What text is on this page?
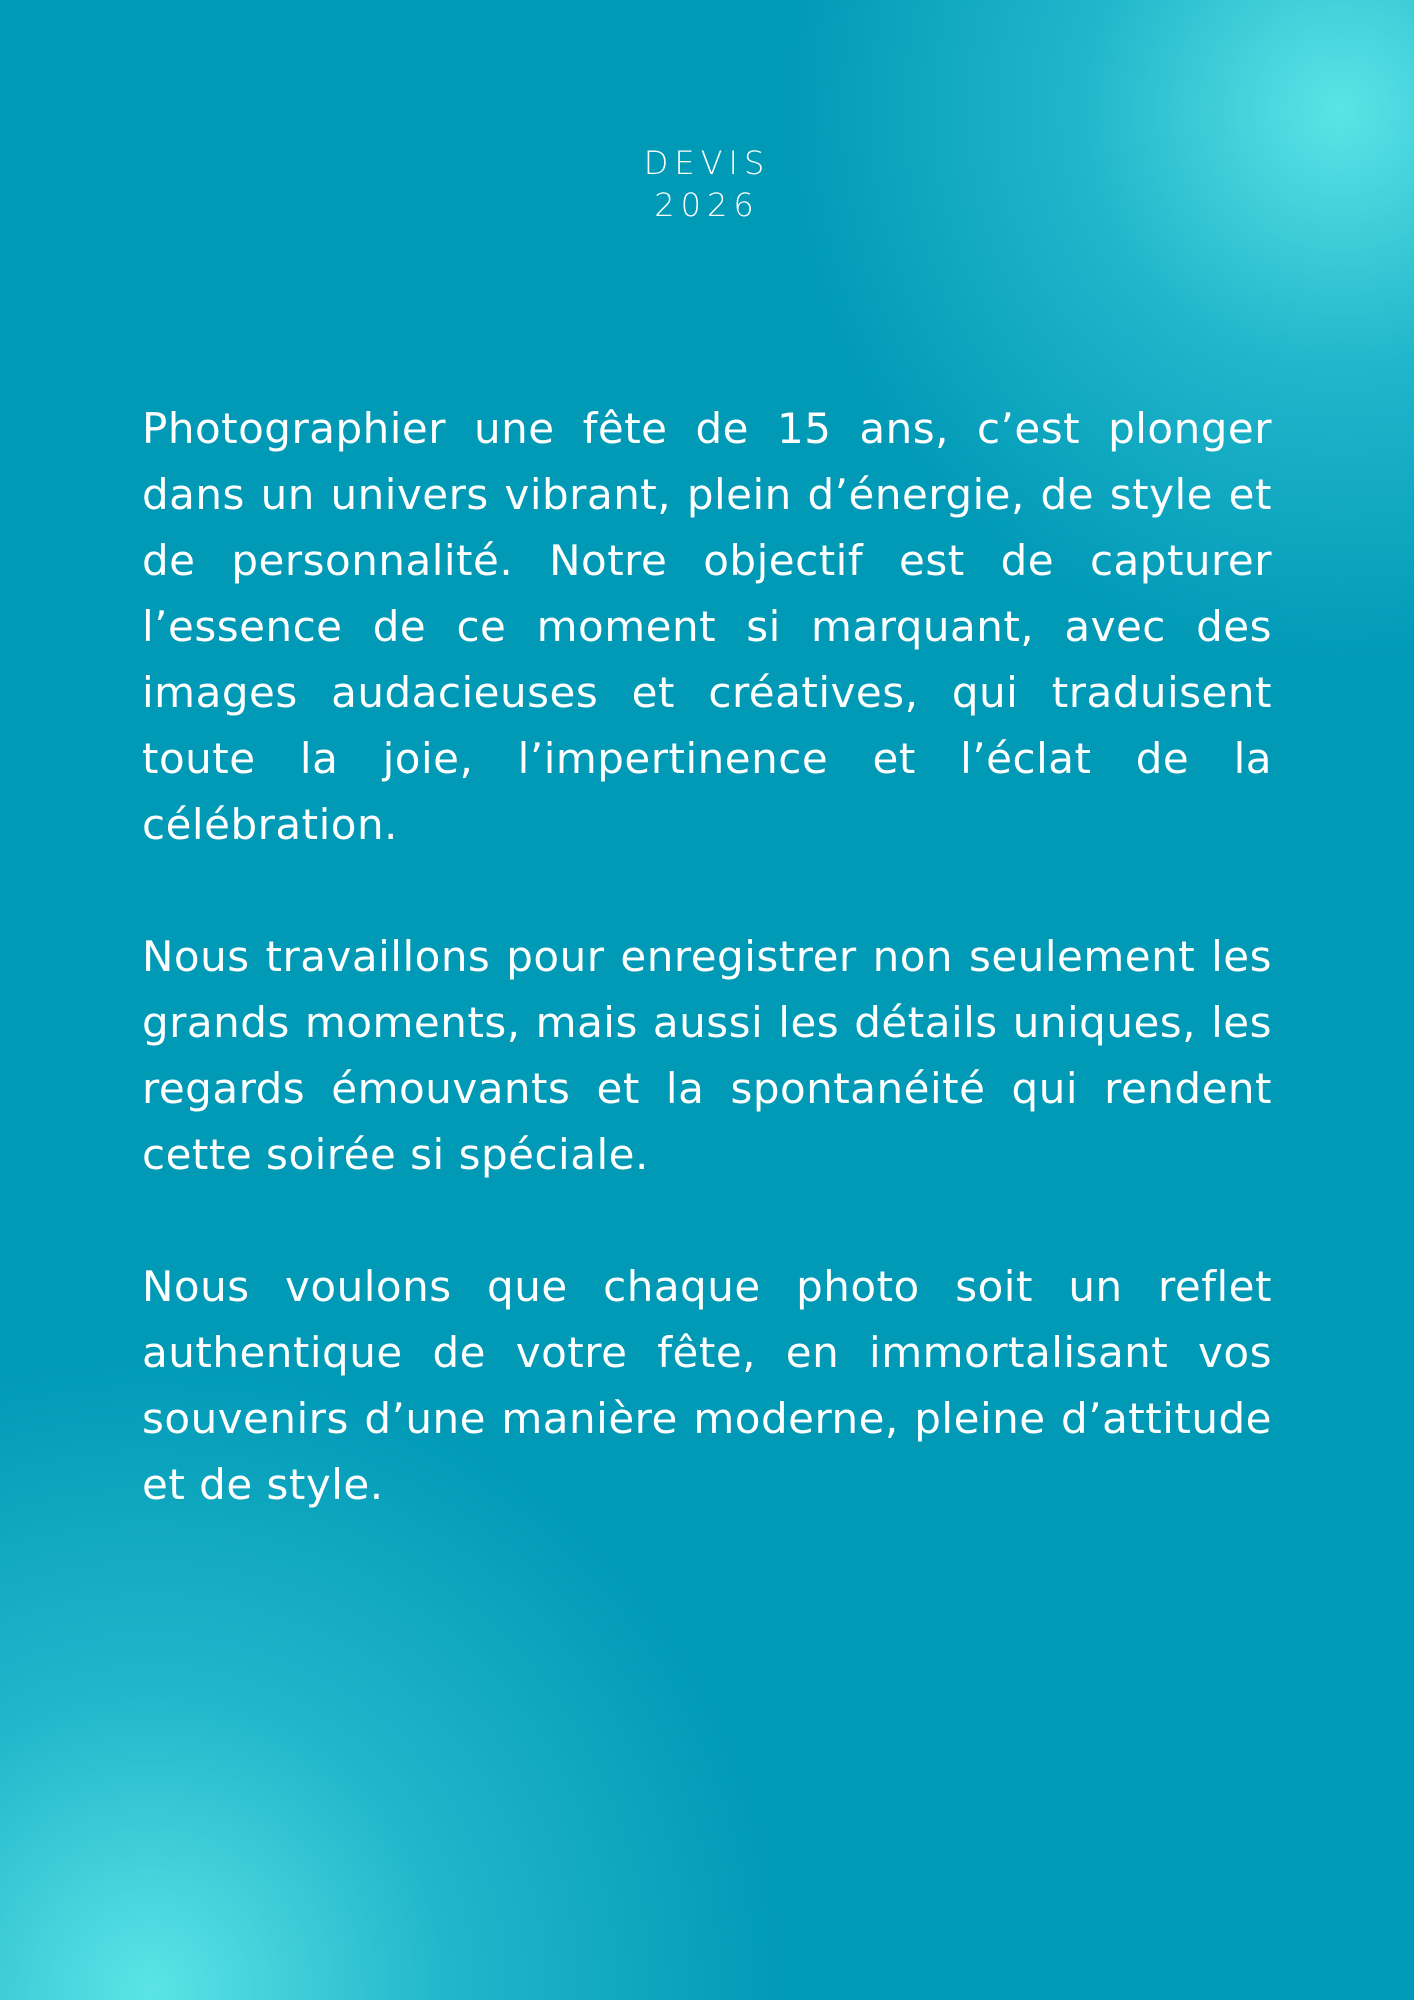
DEVIS
2026

Photographier une fête de 15 ans, c’est plonger dans un univers vibrant, plein d’énergie, de style et de personnalité. Notre objectif est de capturer l’essence de ce moment si marquant, avec des images audacieuses et créatives, qui traduisent toute la joie, l’impertinence et l’éclat de la célébration.

Nous travaillons pour enregistrer non seulement les grands moments, mais aussi les détails uniques, les regards émouvants et la spontanéité qui rendent cette soirée si spéciale.

Nous voulons que chaque photo soit un reflet authentique de votre fête, en immortalisant vos souvenirs d’une manière moderne, pleine d’attitude et de style.
